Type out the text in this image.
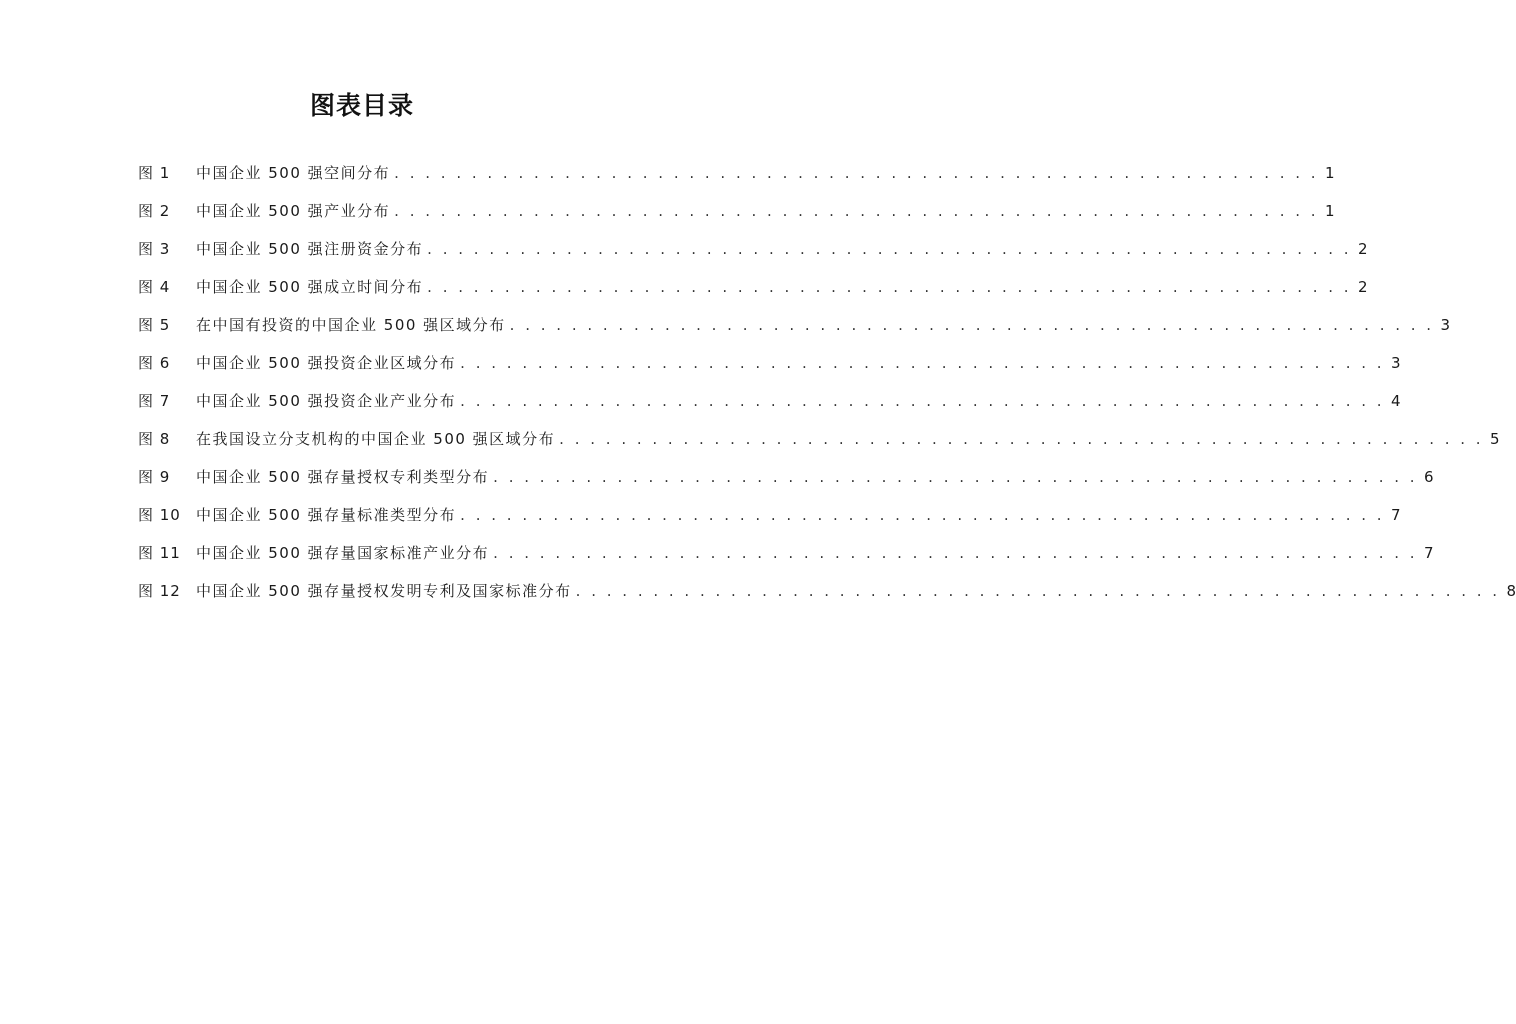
图表目录
图 1	中国企业 500 强空间分布 . . .	1
图 2	中国企业 500 强产业分布 . . .	1
图 3	中国企业 500 强注册资金分布 . . .	2
图 4	中国企业 500 强成立时间分布 . . .	2
图 5	在中国有投资的中国企业 500 强区域分布 . . .	3
图 6	中国企业 500 强投资企业区域分布 . . .	3
图 7	中国企业 500 强投资企业产业分布 . . .	4
图 8	在我国设立分支机构的中国企业 500 强区域分布 . . .	5
图 9	中国企业 500 强存量授权专利类型分布 . . .	6
图 10	中国企业 500 强存量标准类型分布 . . .	7
图 11	中国企业 500 强存量国家标准产业分布 . . .	7
图 12	中国企业 500 强存量授权发明专利及国家标准分布 . . .	8
